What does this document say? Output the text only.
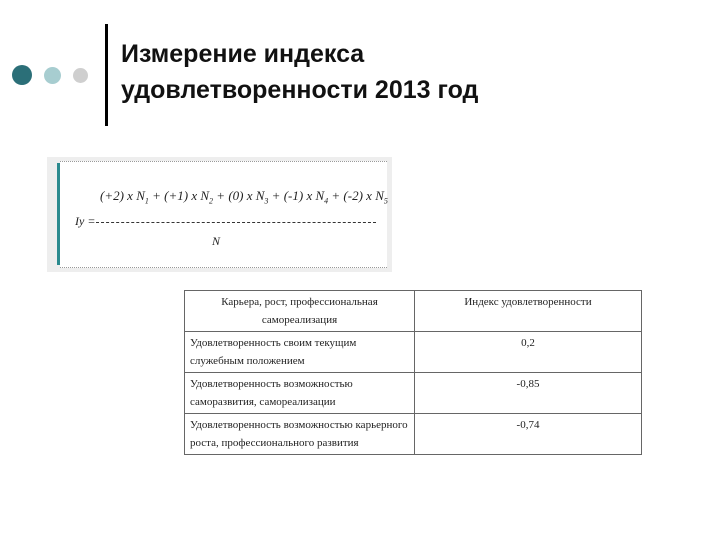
Измерение индекса
удовлетворенности 2013 год
(+2) x $N_1 + (+1)$ x $N_2 + (0)$ x $N_3 + (-1)$ x $N_4 + (-2)$ x $N_5$
Iy =
N
Карьера, рост, профессиональная самореализация	Индекс удовлетворенности
Удовлетворенность своим текущим служебным положением	0,2
Удовлетворенность возможностью саморазвития, самореализации	-0,85
Удовлетворенность возможностью карьерного роста, профессионального развития	-0,74
